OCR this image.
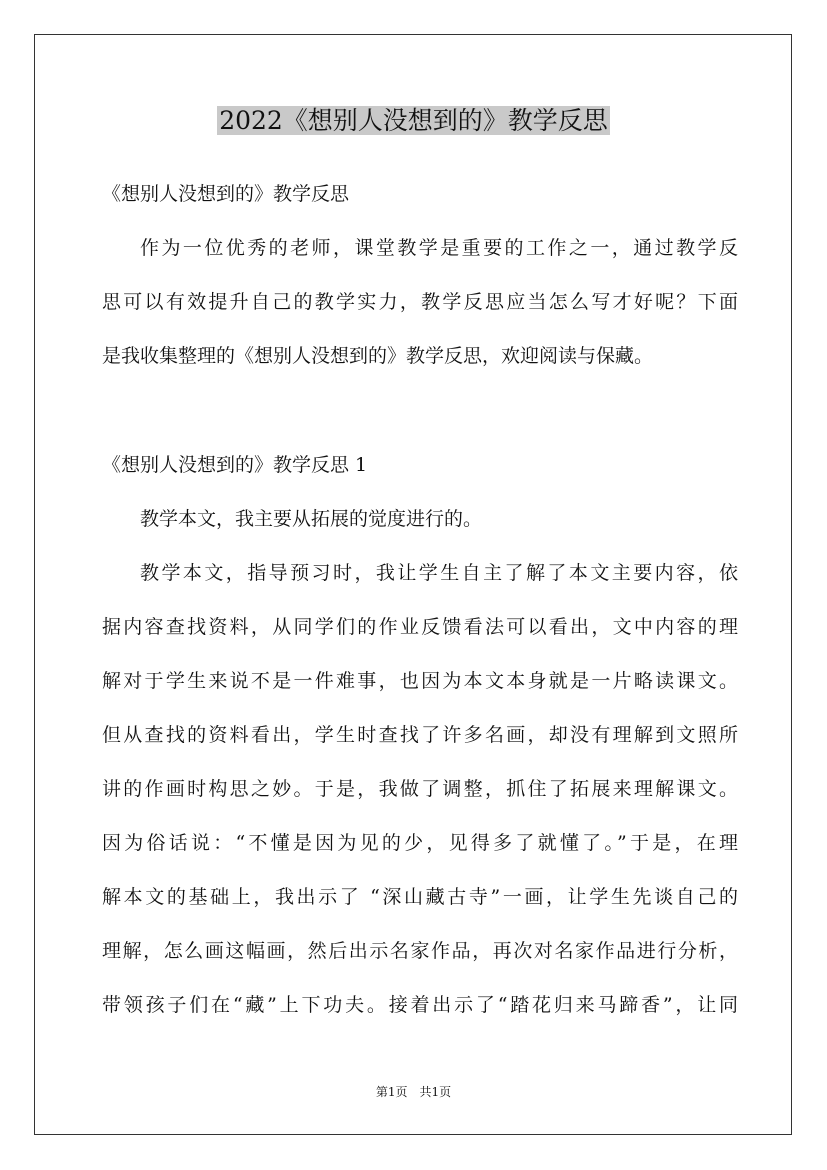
2022《想别人没想到的》教学反思

《想别人没想到的》教学反思

作为一位优秀的老师，课堂教学是重要的工作之一，通过教学反

思可以有效提升自己的教学实力，教学反思应当怎么写才好呢？下面

是我收集整理的《想别人没想到的》教学反思，欢迎阅读与保藏。

《想别人没想到的》教学反思 1

教学本文，我主要从拓展的觉度进行的。

教学本文，指导预习时，我让学生自主了解了本文主要内容，依

据内容查找资料，从同学们的作业反馈看法可以看出，文中内容的理

解对于学生来说不是一件难事，也因为本文本身就是一片略读课文。

但从查找的资料看出，学生时查找了许多名画，却没有理解到文照所

讲的作画时构思之妙。于是，我做了调整，抓住了拓展来理解课文。

因为俗话说：“不懂是因为见的少，见得多了就懂了。”于是，在理

解本文的基础上，我出示了 “深山藏古寺”一画，让学生先谈自己的

理解，怎么画这幅画，然后出示名家作品，再次对名家作品进行分析，

带领孩子们在“藏”上下功夫。接着出示了“踏花归来马蹄香”，让同

第1页　共1页
